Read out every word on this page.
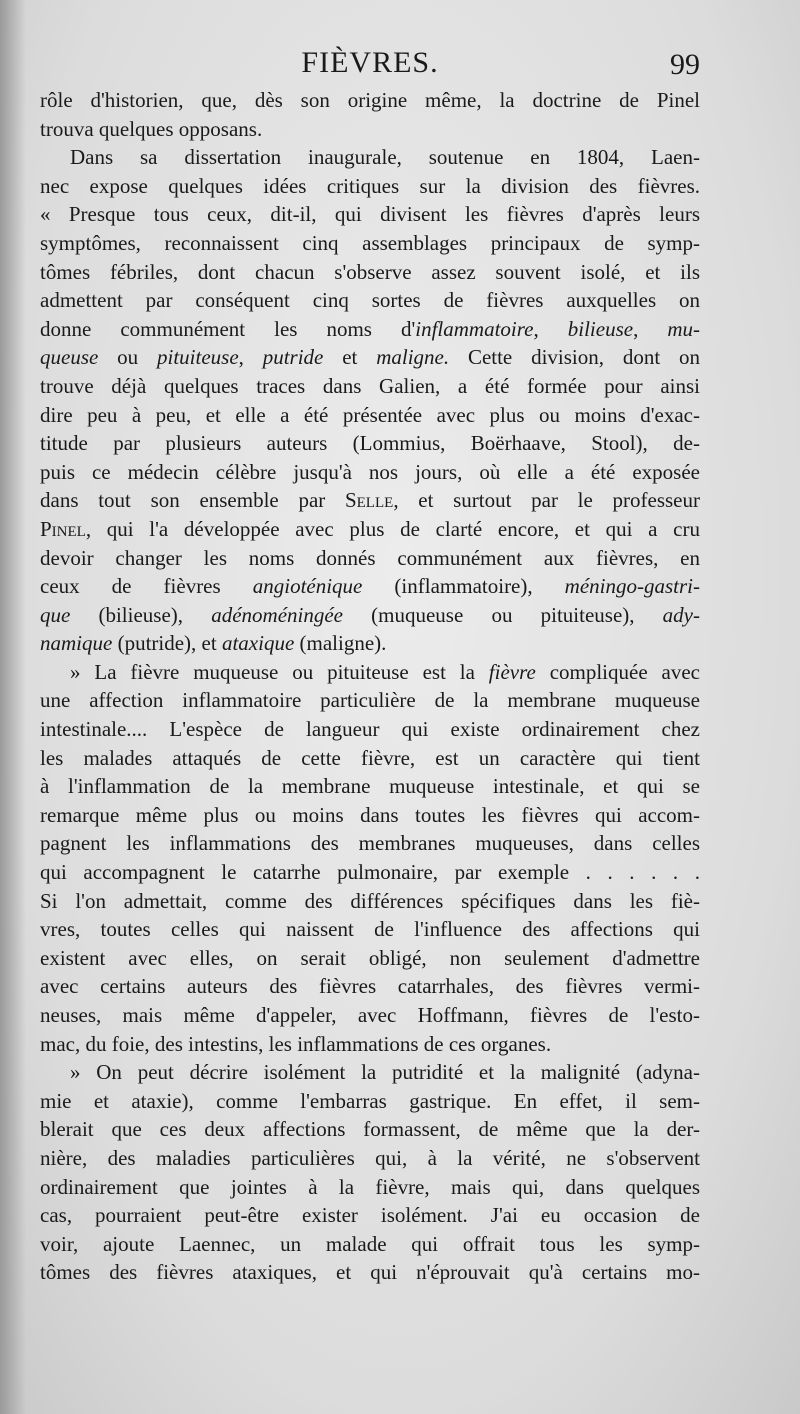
FIÈVRES.	99
rôle d'historien, que, dès son origine même, la doctrine de Pinel
trouva quelques opposans.
Dans sa dissertation inaugurale, soutenue en 1804, Laen-
nec expose quelques idées critiques sur la division des fièvres.
« Presque tous ceux, dit-il, qui divisent les fièvres d'après leurs
symptômes, reconnaissent cinq assemblages principaux de symp-
tômes fébriles, dont chacun s'observe assez souvent isolé, et ils
admettent par conséquent cinq sortes de fièvres auxquelles on
donne communément les noms d'inflammatoire, bilieuse, mu-
queuse ou pituiteuse, putride et maligne. Cette division, dont on
trouve déjà quelques traces dans Galien, a été formée pour ainsi
dire peu à peu, et elle a été présentée avec plus ou moins d'exac-
titude par plusieurs auteurs (Lommius, Boërhaave, Stool), de-
puis ce médecin célèbre jusqu'à nos jours, où elle a été exposée
dans tout son ensemble par Selle, et surtout par le professeur
Pinel, qui l'a développée avec plus de clarté encore, et qui a cru
devoir changer les noms donnés communément aux fièvres, en
ceux de fièvres angioténique (inflammatoire), méningo-gastri-
que (bilieuse), adénoméningée (muqueuse ou pituiteuse), ady-
namique (putride), et ataxique (maligne).
» La fièvre muqueuse ou pituiteuse est la fièvre compliquée avec
une affection inflammatoire particulière de la membrane muqueuse
intestinale.... L'espèce de langueur qui existe ordinairement chez
les malades attaqués de cette fièvre, est un caractère qui tient
à l'inflammation de la membrane muqueuse intestinale, et qui se
remarque même plus ou moins dans toutes les fièvres qui accom-
pagnent les inflammations des membranes muqueuses, dans celles
qui accompagnent le catarrhe pulmonaire, par exemple . . . . . .
Si l'on admettait, comme des différences spécifiques dans les fiè-
vres, toutes celles qui naissent de l'influence des affections qui
existent avec elles, on serait obligé, non seulement d'admettre
avec certains auteurs des fièvres catarrhales, des fièvres vermi-
neuses, mais même d'appeler, avec Hoffmann, fièvres de l'esto-
mac, du foie, des intestins, les inflammations de ces organes.
» On peut décrire isolément la putridité et la malignité (adyna-
mie et ataxie), comme l'embarras gastrique. En effet, il sem-
blerait que ces deux affections formassent, de même que la der-
nière, des maladies particulières qui, à la vérité, ne s'observent
ordinairement que jointes à la fièvre, mais qui, dans quelques
cas, pourraient peut-être exister isolément. J'ai eu occasion de
voir, ajoute Laennec, un malade qui offrait tous les symp-
tômes des fièvres ataxiques, et qui n'éprouvait qu'à certains mo-
